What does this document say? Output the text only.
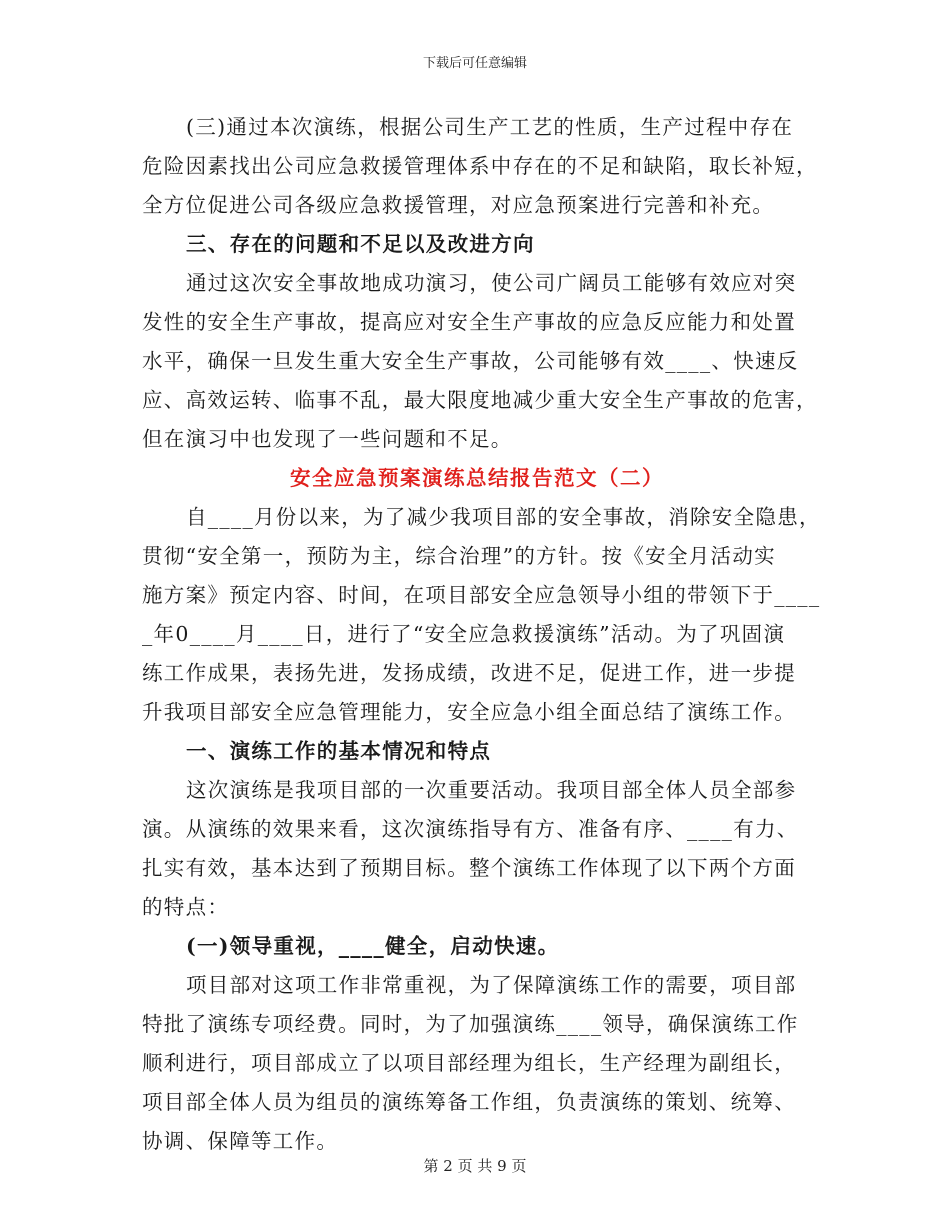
下载后可任意编辑
(三)通过本次演练，根据公司生产工艺的性质，生产过程中存在
危险因素找出公司应急救援管理体系中存在的不足和缺陷，取长补短，
全方位促进公司各级应急救援管理，对应急预案进行完善和补充。
三、存在的问题和不足以及改进方向
通过这次安全事故地成功演习，使公司广阔员工能够有效应对突
发性的安全生产事故，提高应对安全生产事故的应急反应能力和处置
水平，确保一旦发生重大安全生产事故，公司能够有效____、快速反
应、高效运转、临事不乱，最大限度地减少重大安全生产事故的危害，
但在演习中也发现了一些问题和不足。
安全应急预案演练总结报告范文（二）
自____月份以来，为了减少我项目部的安全事故，消除安全隐患，
贯彻“安全第一，预防为主，综合治理”的方针。按《安全月活动实
施方案》预定内容、时间，在项目部安全应急领导小组的带领下于____
_年0____月____日，进行了“安全应急救援演练”活动。为了巩固演
练工作成果，表扬先进，发扬成绩，改进不足，促进工作，进一步提
升我项目部安全应急管理能力，安全应急小组全面总结了演练工作。
一、演练工作的基本情况和特点
这次演练是我项目部的一次重要活动。我项目部全体人员全部参
演。从演练的效果来看，这次演练指导有方、准备有序、____有力、
扎实有效，基本达到了预期目标。整个演练工作体现了以下两个方面
的特点：
(一)领导重视，____健全，启动快速。
项目部对这项工作非常重视，为了保障演练工作的需要，项目部
特批了演练专项经费。同时，为了加强演练____领导，确保演练工作
顺利进行，项目部成立了以项目部经理为组长，生产经理为副组长，
项目部全体人员为组员的演练筹备工作组，负责演练的策划、统筹、
协调、保障等工作。
第 2 页 共 9 页
